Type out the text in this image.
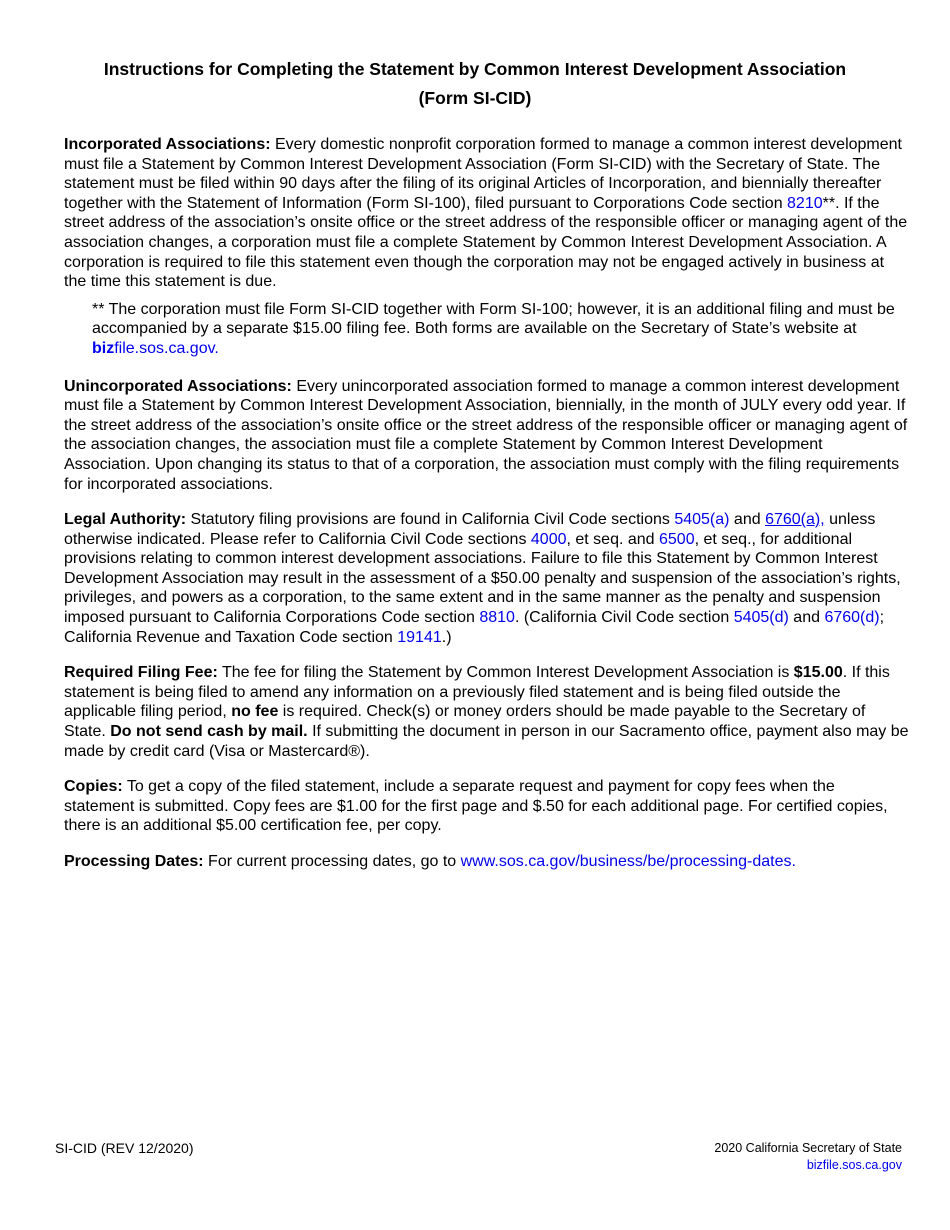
Instructions for Completing the Statement by Common Interest Development Association
(Form SI-CID)

Incorporated Associations: Every domestic nonprofit corporation formed to manage a common interest development must file a Statement by Common Interest Development Association (Form SI-CID) with the Secretary of State. The statement must be filed within 90 days after the filing of its original Articles of Incorporation, and biennially thereafter together with the Statement of Information (Form SI-100), filed pursuant to Corporations Code section 8210**. If the street address of the association’s onsite office or the street address of the responsible officer or managing agent of the association changes, a corporation must file a complete Statement by Common Interest Development Association. A corporation is required to file this statement even though the corporation may not be engaged actively in business at the time this statement is due.

** The corporation must file Form SI-CID together with Form SI-100; however, it is an additional filing and must be accompanied by a separate $15.00 filing fee. Both forms are available on the Secretary of State’s website at bizfile.sos.ca.gov.

Unincorporated Associations: Every unincorporated association formed to manage a common interest development must file a Statement by Common Interest Development Association, biennially, in the month of JULY every odd year. If the street address of the association’s onsite office or the street address of the responsible officer or managing agent of the association changes, the association must file a complete Statement by Common Interest Development Association. Upon changing its status to that of a corporation, the association must comply with the filing requirements for incorporated associations.

Legal Authority: Statutory filing provisions are found in California Civil Code sections 5405(a) and 6760(a), unless otherwise indicated. Please refer to California Civil Code sections 4000, et seq. and 6500, et seq., for additional provisions relating to common interest development associations. Failure to file this Statement by Common Interest Development Association may result in the assessment of a $50.00 penalty and suspension of the association’s rights, privileges, and powers as a corporation, to the same extent and in the same manner as the penalty and suspension imposed pursuant to California Corporations Code section 8810. (California Civil Code section 5405(d) and 6760(d); California Revenue and Taxation Code section 19141.)

Required Filing Fee: The fee for filing the Statement by Common Interest Development Association is $15.00. If this statement is being filed to amend any information on a previously filed statement and is being filed outside the applicable filing period, no fee is required. Check(s) or money orders should be made payable to the Secretary of State. Do not send cash by mail. If submitting the document in person in our Sacramento office, payment also may be made by credit card (Visa or Mastercard®).

Copies: To get a copy of the filed statement, include a separate request and payment for copy fees when the statement is submitted. Copy fees are $1.00 for the first page and $.50 for each additional page. For certified copies, there is an additional $5.00 certification fee, per copy.

Processing Dates: For current processing dates, go to www.sos.ca.gov/business/be/processing-dates.

SI-CID (REV 12/2020)	2020 California Secretary of State
bizfile.sos.ca.gov
